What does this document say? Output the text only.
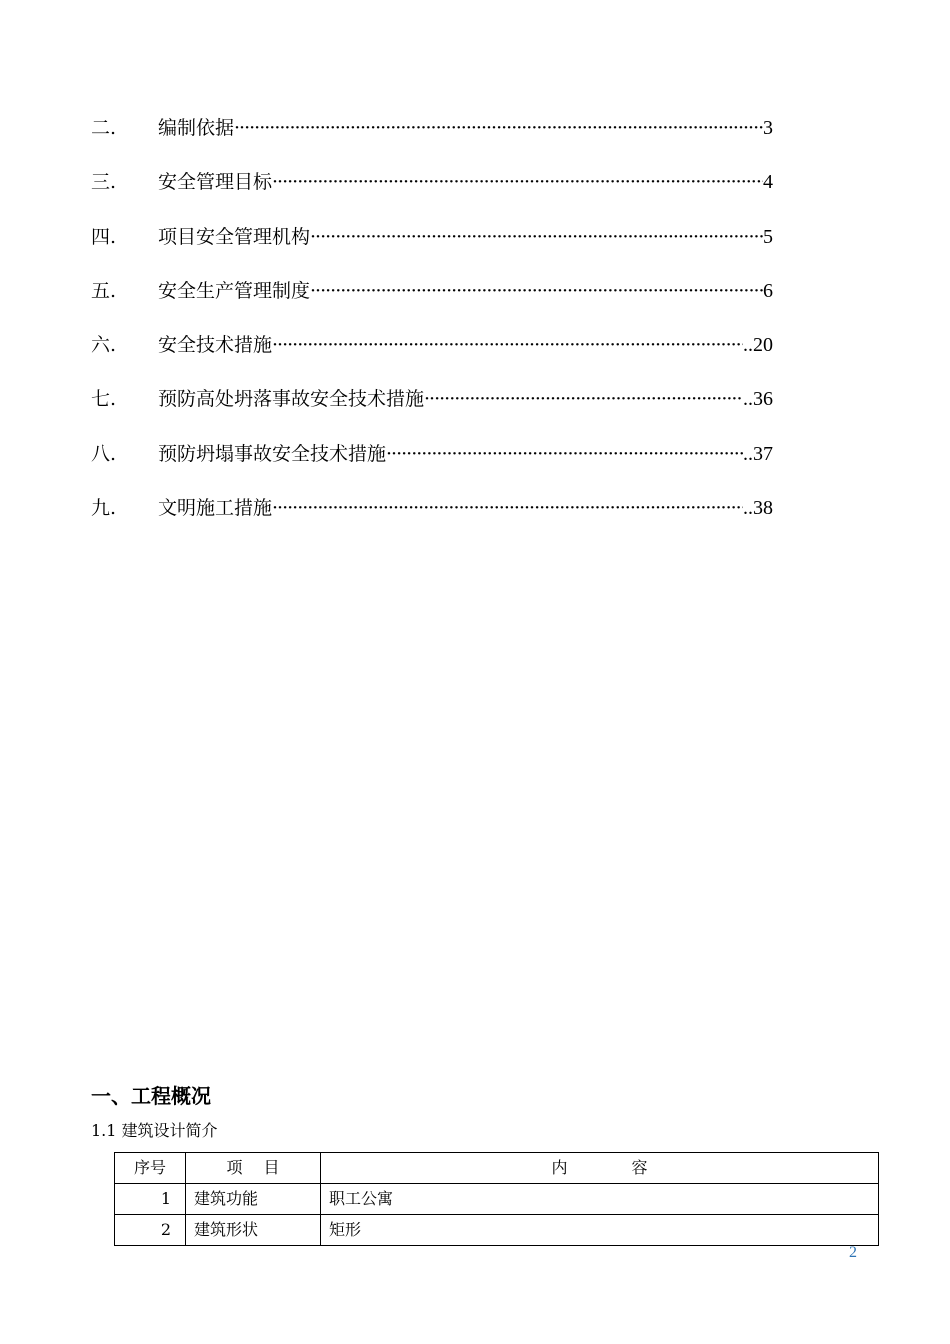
二.	编制依据 ·····	3
三.	安全管理目标 ·····	4
四.	项目安全管理机构 ·····	5
五.	安全生产管理制度 ·····	6
六.	安全技术措施 ·····	..20
七.	预防高处坍落事故安全技术措施 ·····	..36
八.	预防坍塌事故安全技术措施 ·····	..37
九.	文明施工措施 ·····	..38
一、工程概况
1.1 建筑设计简介
序号	项　 目	内　　　　容
1	建筑功能	职工公寓
2	建筑形状	矩形
2
